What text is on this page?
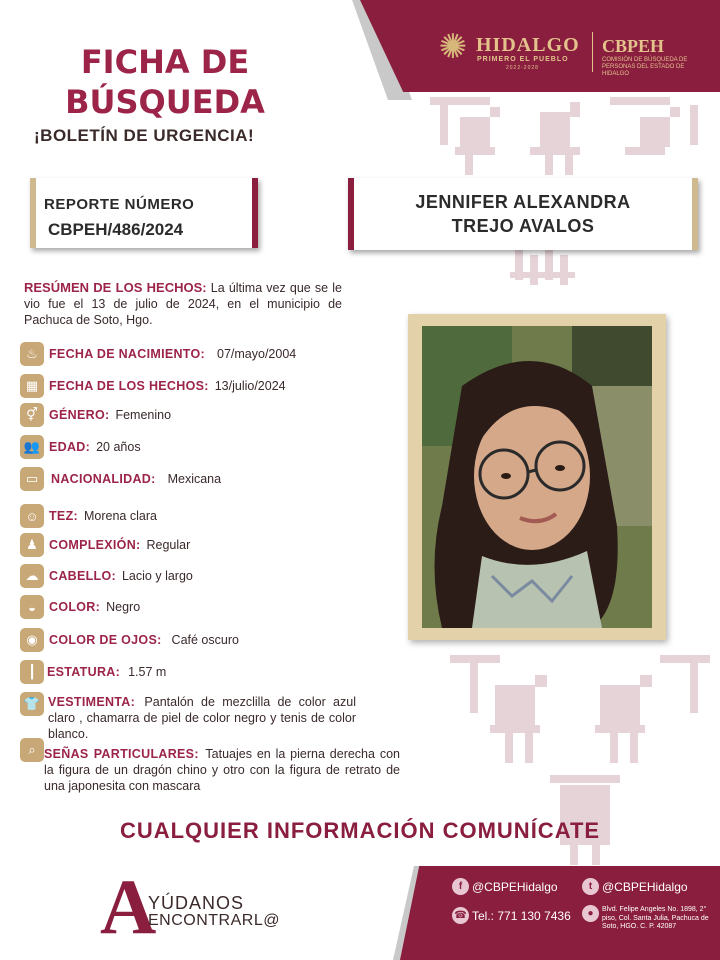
✺ HIDALGO
PRIMERO EL PUEBLO
2022-2028
CBPEH
COMISIÓN DE BÚSQUEDA DE PERSONAS DEL ESTADO DE HIDALGO
FICHA DE
BÚSQUEDA
¡BOLETÍN DE URGENCIA!
REPORTE NÚMERO
CBPEH/486/2024
JENNIFER ALEXANDRA
TREJO AVALOS
RESÚMEN DE LOS HECHOS: La última vez que se le vio fue el 13 de julio de 2024, en el municipio de Pachuca de Soto, Hgo.
♨ FECHA DE NACIMIENTO: 07/mayo/2004
▦ FECHA DE LOS HECHOS: 13/julio/2024
⚥ GÉNERO: Femenino
👥 EDAD: 20 años
▭	NACIONALIDAD: Mexicana
☺ TEZ: Morena clara
♟ COMPLEXIÓN: Regular
☁ CABELLO: Lacio y largo
◒	COLOR: Negro
◉ COLOR DE OJOS: Café oscuro
┃ ESTATURA: 1.57 m
👕 VESTIMENTA: Pantalón de mezclilla de color azul claro , chamarra de piel de color negro y tenis de color blanco.
⌕ SEÑAS PARTICULARES: Tatuajes en la pierna derecha con la figura de un dragón chino y otro con la figura de retrato de una japonesita con mascara
CUALQUIER INFORMACIÓN COMUNÍCATE
A
YÚDANOS
ENCONTRARL@
f @CBPEHidalgo	t @CBPEHidalgo
☎ Tel.: 771 130 7436	●	Blvd. Felipe Angeles No. 1898, 2° piso, Col. Santa Julia, Pachuca de Soto, HGO. C. P. 42087
